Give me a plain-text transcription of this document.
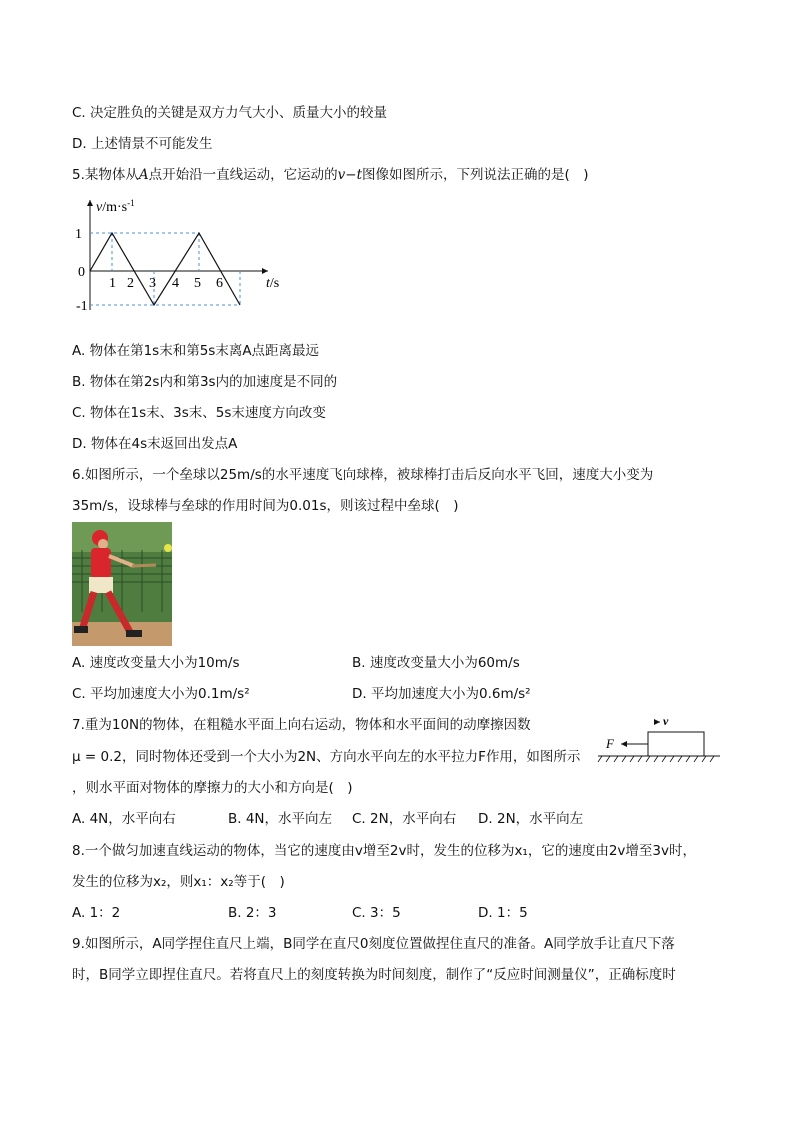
C. 决定胜负的关键是双方力气大小、质量大小的较量
D. 上述情景不可能发生
5.某物体从A点开始沿一直线运动，它运动的v−t图像如图所示，下列说法正确的是(　)
$v/m\cdot s^{-1}$
1
0
-1
1 2 3 4 5 6	t/s
A. 物体在第1s末和第5s末离A点距离最远
B. 物体在第2s内和第3s内的加速度是不同的
C. 物体在1s末、3s末、5s末速度方向改变
D. 物体在4s末返回出发点A
6.如图所示，一个垒球以25m/s的水平速度飞向球棒，被球棒打击后反向水平飞回，速度大小变为
35m/s，设球棒与垒球的作用时间为0.01s，则该过程中垒球(　)
A. 速度改变量大小为10m/s	B. 速度改变量大小为60m/s
C. 平均加速度大小为0.1m/s²	D. 平均加速度大小为0.6m/s²
7.重为10N的物体，在粗糙水平面上向右运动，物体和水平面间的动摩擦因数
μ = 0.2，同时物体还受到一个大小为2N、方向水平向左的水平拉力F作用，如图所示
，则水平面对物体的摩擦力的大小和方向是(　)
v
F
A. 4N，水平向右	B. 4N，水平向左 C. 2N，水平向右 D. 2N，水平向左
8.一个做匀加速直线运动的物体，当它的速度由v增至2v时，发生的位移为x₁，它的速度由2v增至3v时，
发生的位移为x₂，则x₁：x₂等于(　)
A. 1：2	B. 2：3	C. 3：5	D. 1：5
9.如图所示，A同学捏住直尺上端，B同学在直尺0刻度位置做捏住直尺的准备。A同学放手让直尺下落
时，B同学立即捏住直尺。若将直尺上的刻度转换为时间刻度，制作了“反应时间测量仪”，正确标度时
